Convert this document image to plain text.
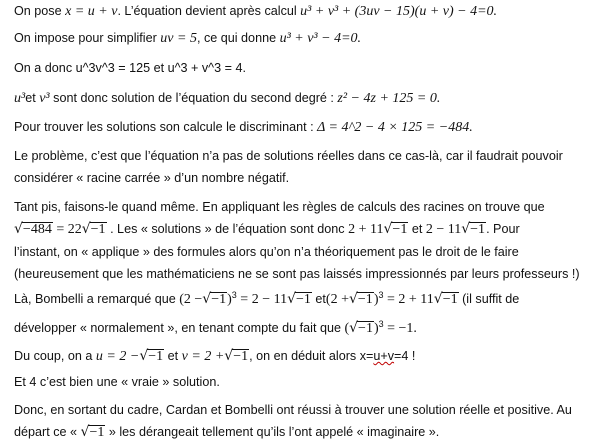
On pose x = u + v. L’équation devient après calcul u³ + v³ + (3uv − 15)(u + v) − 4=0.
On impose pour simplifier uv = 5, ce qui donne u³ + v³ − 4=0.
On a donc u^3v^3 = 125 et u^3 + v^3 = 4.
u³et v³ sont donc solution de l’équation du second degré : z² − 4z + 125 = 0.
Pour trouver les solutions son calcule le discriminant : Δ = 4^2 − 4 × 125 = −484.
Le problème, c’est que l’équation n’a pas de solutions réelles dans ce cas-là, car il faudrait pouvoir
considérer « racine carrée » d’un nombre négatif.
Tant pis, faisons-le quand même. En appliquant les règles de calculs des racines on trouve que
√−484 = 22√−1 . Les « solutions » de l’équation sont donc 2 + 11√−1 et 2 − 11√−1. Pour
l’instant, on « applique » des formules alors qu’on n’a théoriquement pas le droit de le faire
(heureusement que les mathématiciens ne se sont pas laissés impressionnés par leurs professeurs !)
Là, Bombelli a remarqué que $(2 -√-1)^3 = 2 - 11√-1$ $et(2 +√-1)^3 = 2 + 11√-1$ (il suffit de
développer « normalement », en tenant compte du fait que $(√-1)^3 = -1$.
Du coup, on a u = 2 −√−1 et v = 2 +√−1, on en déduit alors x=u+v=4 !
Et 4 c’est bien une « vraie » solution.
Donc, en sortant du cadre, Cardan et Bombelli ont réussi à trouver une solution réelle et positive. Au
départ ce « √−1 » les dérangeait tellement qu’ils l’ont appelé « imaginaire ».
